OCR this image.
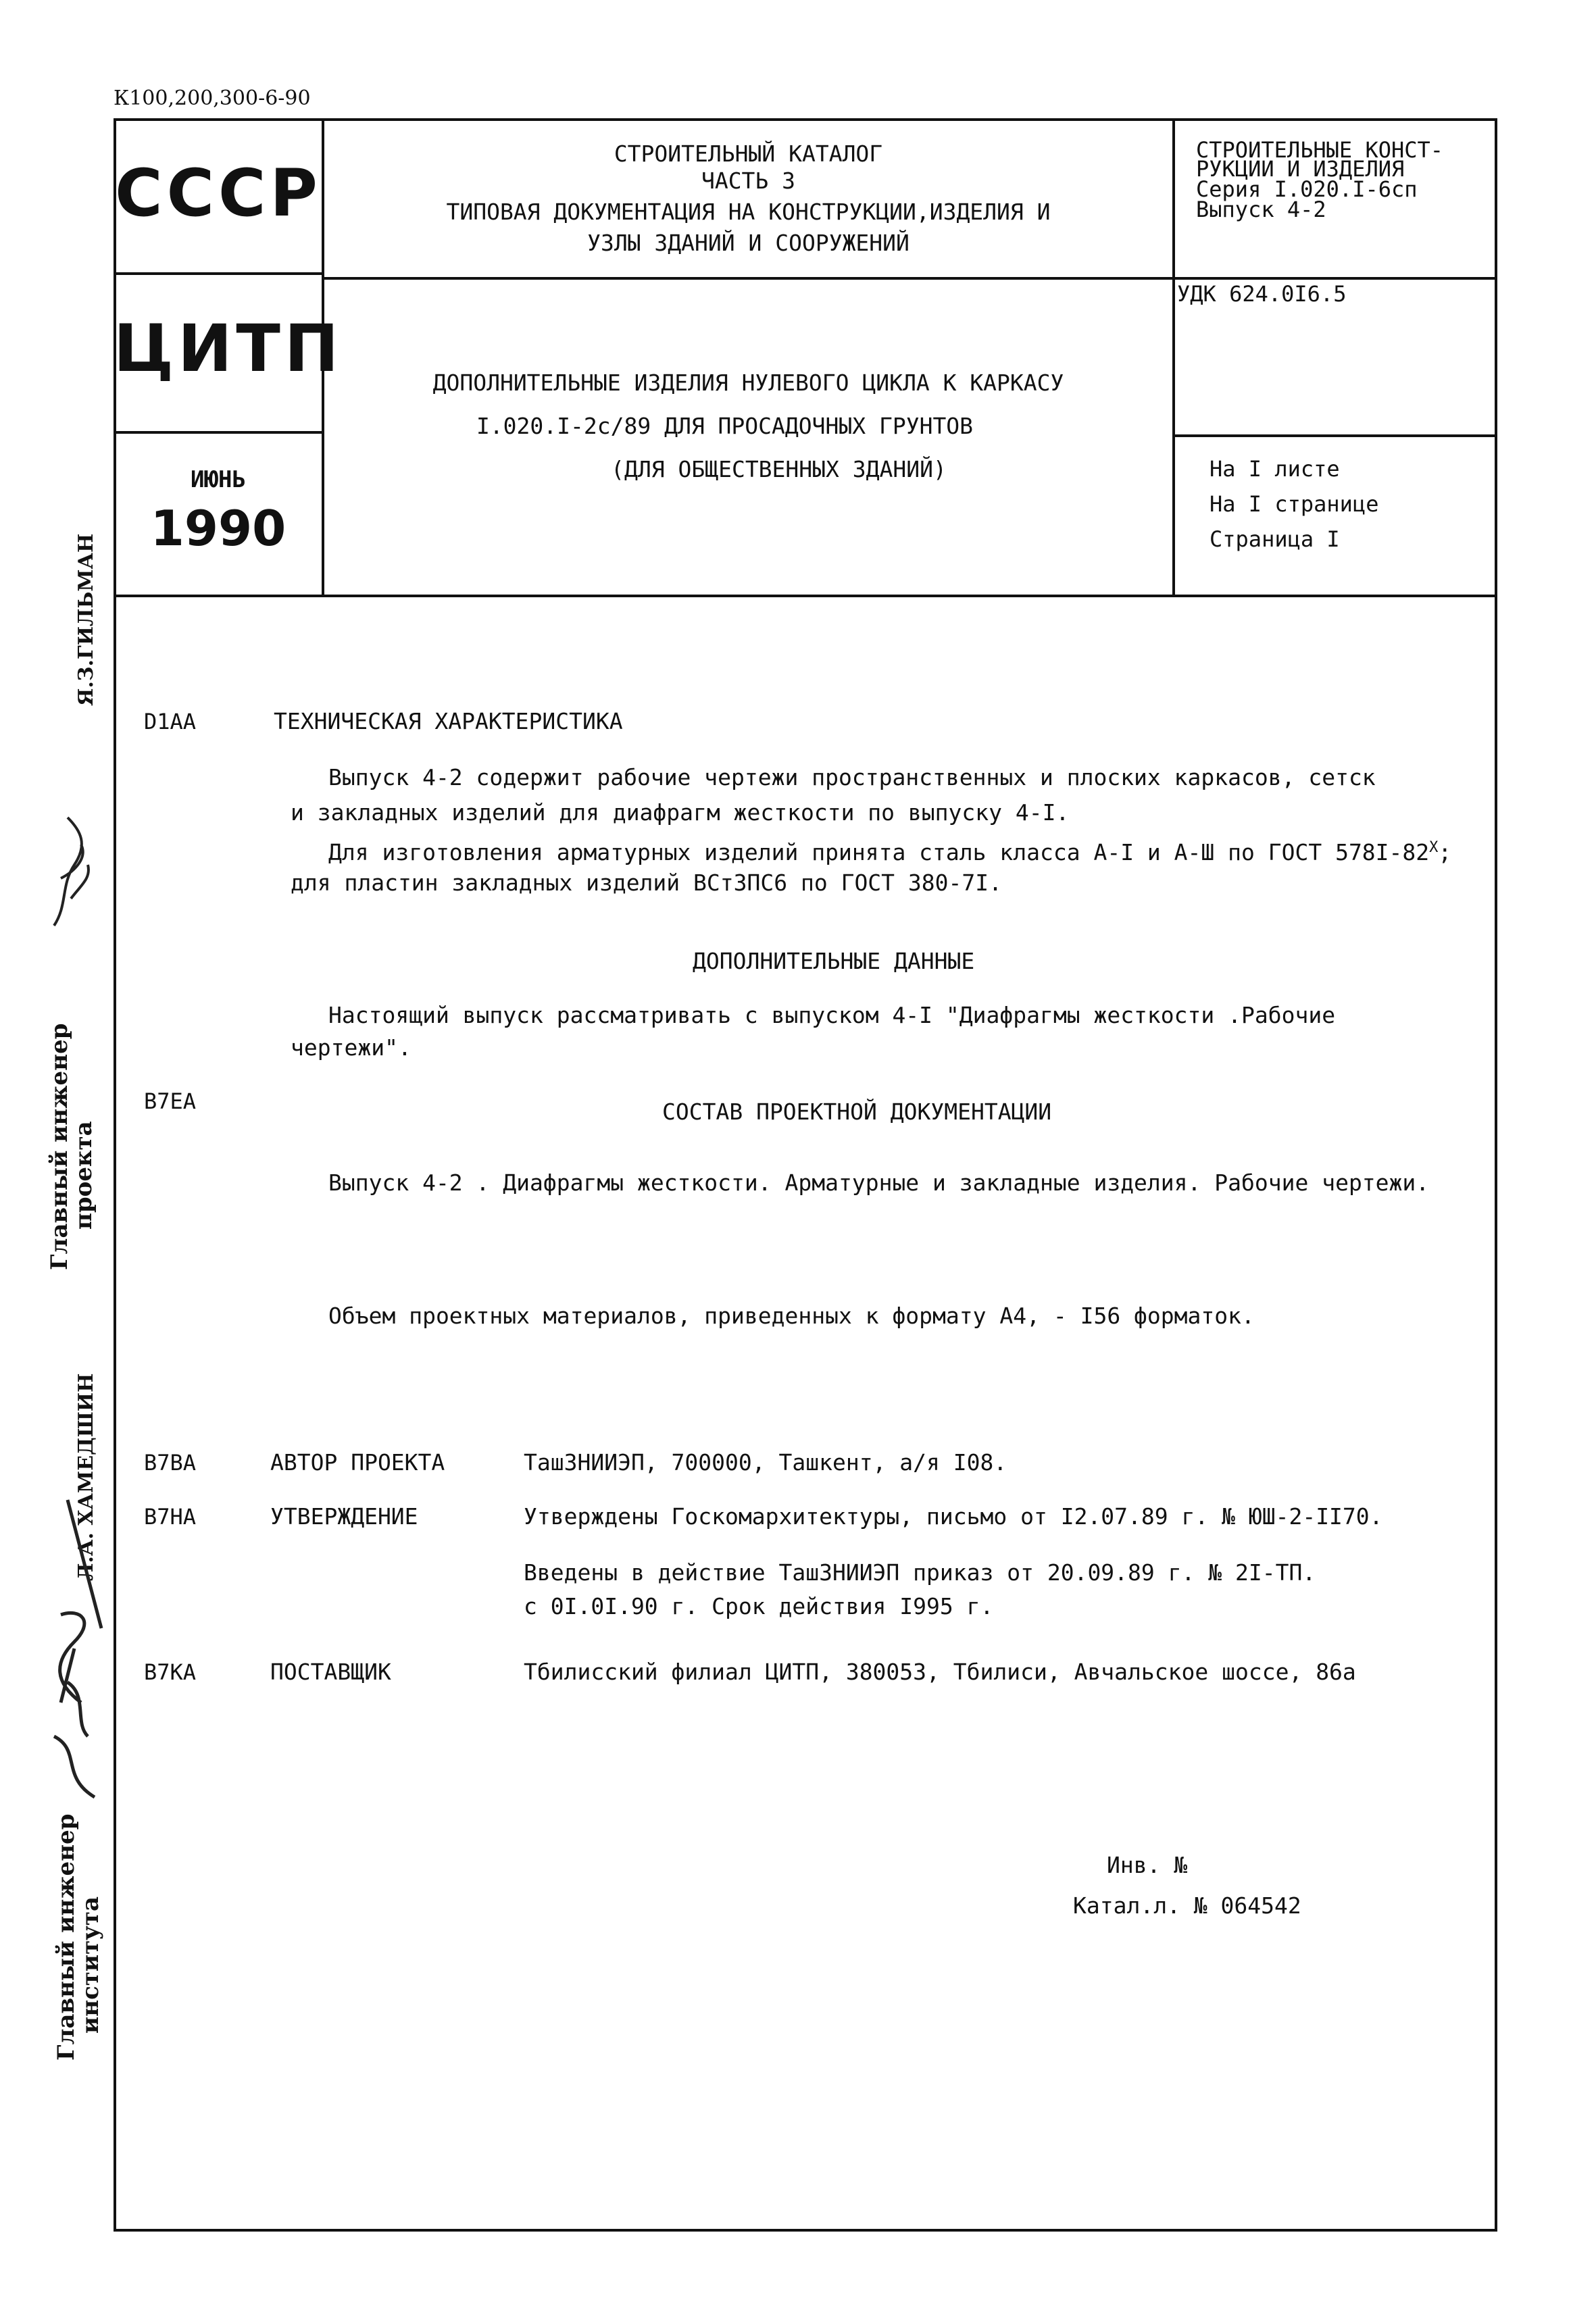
К100,200,300-6-90
СССР
ЦИТП
ИЮНЬ
1990
СТРОИТЕЛЬНЫЙ КАТАЛОГ
ЧАСТЬ 3
ТИПОВАЯ ДОКУМЕНТАЦИЯ НА КОНСТРУКЦИИ,ИЗДЕЛИЯ И
УЗЛЫ ЗДАНИЙ И СООРУЖЕНИЙ
ДОПОЛНИТЕЛЬНЫЕ ИЗДЕЛИЯ НУЛЕВОГО ЦИКЛА К КАРКАСУ
I.020.I-2с/89 ДЛЯ ПРОСАДОЧНЫХ ГРУНТОВ
(ДЛЯ ОБЩЕСТВЕННЫХ ЗДАНИЙ)
СТРОИТЕЛЬНЫЕ КОНСТ-
РУКЦИИ И ИЗДЕЛИЯ
Серия I.020.I-6сп
Выпуск 4-2
УДК 624.0I6.5
На I листе
На I странице
Страница I
Я.З.ГИЛЬМАН
Главный инженер
проекта
Л.А. ХАМЕДШИН
Главный инженер
института
D1AA	ТЕХНИЧЕСКАЯ ХАРАКТЕРИСТИКА
Выпуск 4-2 содержит рабочие чертежи пространственных и плоских каркасов, сетск
и закладных изделий для диафрагм жесткости по выпуску 4-I.
Для изготовления арматурных изделий принята сталь класса A-I и A-Ш по ГОСТ $578I-82^Х$;
для пластин закладных изделий ВСт3ПС6 по ГОСТ 380-7I.
ДОПОЛНИТЕЛЬНЫЕ ДАННЫЕ
Настоящий выпуск рассматривать с выпуском 4-I "Диафрагмы жесткости .Рабочие
чертежи".
B7EA	СОСТАВ ПРОЕКТНОЙ ДОКУМЕНТАЦИИ
Выпуск 4-2 . Диафрагмы жесткости. Арматурные и закладные изделия. Рабочие чертежи.
Объем проектных материалов, приведенных к формату А4, - I56 форматок.
B7BA	АВТОР ПРОЕКТА	ТашЗНИИЭП, 700000, Ташкент, а/я I08.
B7HA	УТВЕРЖДЕНИЕ	Утверждены Госкомархитектуры, письмо от I2.07.89 г. № ЮШ-2-II70.
Введены в действие ТашЗНИИЭП приказ от 20.09.89 г. № 2I-ТП.
с 0I.0I.90 г. Срок действия I995 г.
B7KA	ПОСТАВЩИК	Тбилисский филиал ЦИТП, 380053, Тбилиси, Авчальское шоссе, 86а
Инв. №
Катал.л. № 064542
